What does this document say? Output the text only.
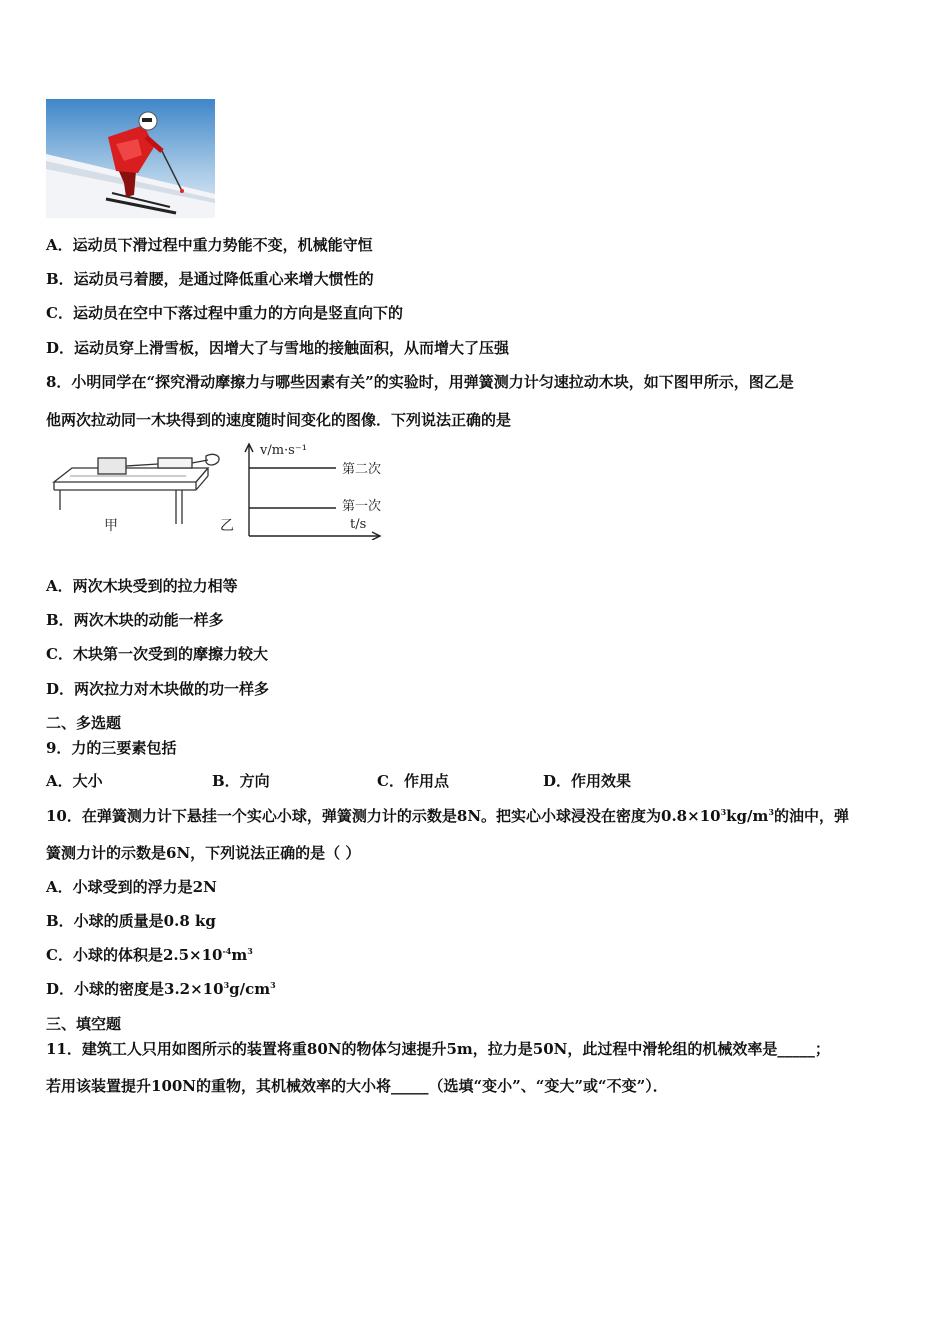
A．运动员下滑过程中重力势能不变，机械能守恒
B．运动员弓着腰，是通过降低重心来增大惯性的
C．运动员在空中下落过程中重力的方向是竖直向下的
D．运动员穿上滑雪板，因增大了与雪地的接触面积，从而增大了压强
8．小明同学在“探究滑动摩擦力与哪些因素有关”的实验时，用弹簧测力计匀速拉动木块，如下图甲所示，图乙是
他两次拉动同一木块得到的速度随时间变化的图像．下列说法正确的是
甲	乙
v/m·s⁻¹
第二次
第一次
t/s
A．两次木块受到的拉力相等
B．两次木块的动能一样多
C．木块第一次受到的摩擦力较大
D．两次拉力对木块做的功一样多
二、多选题
9．力的三要素包括
A．大小	B．方向	C．作用点	D．作用效果
10．在弹簧测力计下悬挂一个实心小球，弹簧测力计的示数是8N。把实心小球浸没在密度为$0.8\times 10^3kg/m^3$的油中，弹
簧测力计的示数是6N，下列说法正确的是（ ）
A．小球受到的浮力是2N
B．小球的质量是0.8 kg
C．小球的体积是$2.5\times 10^{-4}m^3$
D．小球的密度是$3.2\times 10^3g/cm^3$
三、填空题
11．建筑工人只用如图所示的装置将重80N的物体匀速提升5m，拉力是50N，此过程中滑轮组的机械效率是_____；
若用该装置提升100N的重物，其机械效率的大小将_____（选填“变小”、“变大”或“不变”）．
